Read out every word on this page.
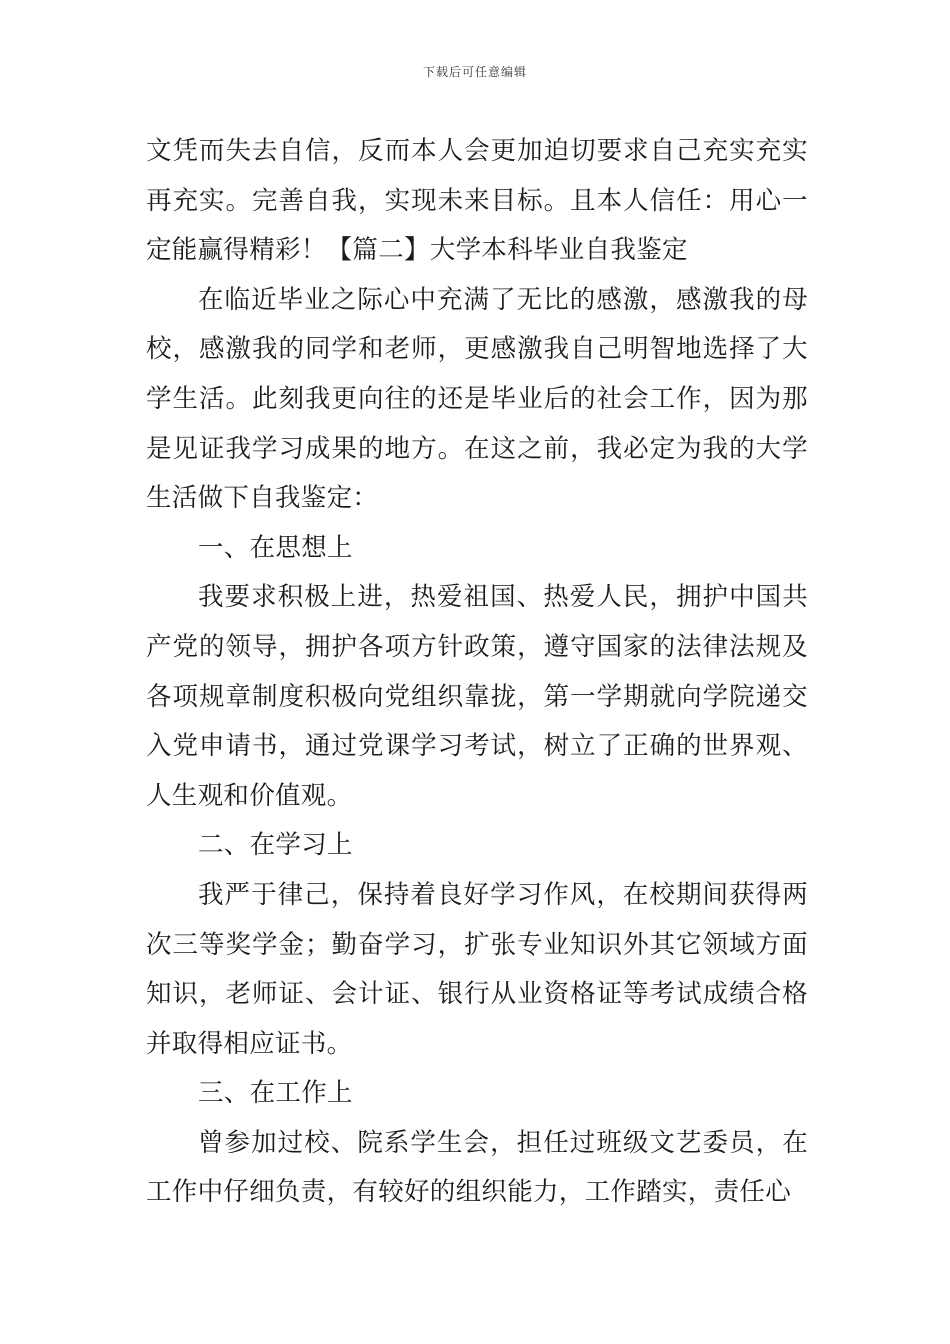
下载后可任意编辑

文凭而失去自信，反而本人会更加迫切要求自己充实充实再充实。完善自我，实现未来目标。且本人信任：用心一定能赢得精彩！【篇二】大学本科毕业自我鉴定

在临近毕业之际心中充满了无比的感激，感激我的母校，感激我的同学和老师，更感激我自己明智地选择了大学生活。此刻我更向往的还是毕业后的社会工作，因为那是见证我学习成果的地方。在这之前，我必定为我的大学生活做下自我鉴定：

一、在思想上

我要求积极上进，热爱祖国、热爱人民，拥护中国共产党的领导，拥护各项方针政策，遵守国家的法律法规及各项规章制度积极向党组织靠拢，第一学期就向学院递交入党申请书，通过党课学习考试，树立了正确的世界观、人生观和价值观。

二、在学习上

我严于律己，保持着良好学习作风，在校期间获得两次三等奖学金；勤奋学习，扩张专业知识外其它领域方面知识，老师证、会计证、银行从业资格证等考试成绩合格并取得相应证书。

三、在工作上

曾参加过校、院系学生会，担任过班级文艺委员，在工作中仔细负责，有较好的组织能力，工作踏实，责任心
